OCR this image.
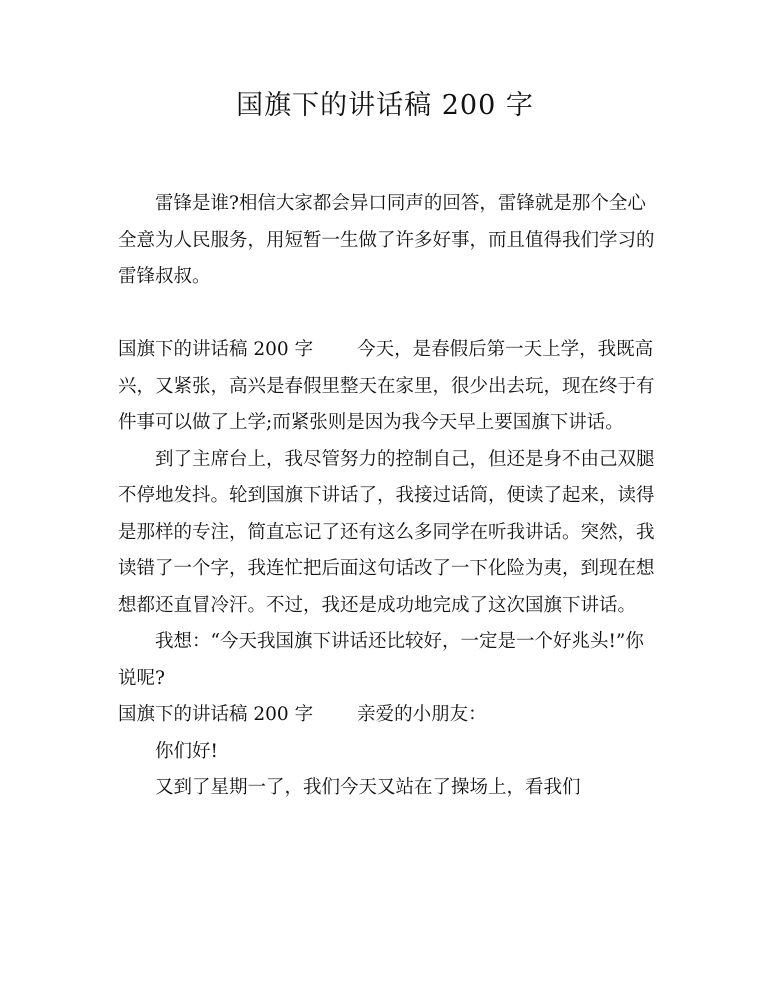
国旗下的讲话稿 200 字

雷锋是谁?相信大家都会异口同声的回答，雷锋就是那个全心全意为人民服务，用短暂一生做了许多好事，而且值得我们学习的雷锋叔叔。

国旗下的讲话稿 200 字 今天，是春假后第一天上学，我既高兴，又紧张，高兴是春假里整天在家里，很少出去玩，现在终于有件事可以做了上学;而紧张则是因为我今天早上要国旗下讲话。

到了主席台上，我尽管努力的控制自己，但还是身不由己双腿不停地发抖。轮到国旗下讲话了，我接过话筒，便读了起来，读得是那样的专注，简直忘记了还有这么多同学在听我讲话。突然，我读错了一个字，我连忙把后面这句话改了一下化险为夷，到现在想想都还直冒冷汗。不过，我还是成功地完成了这次国旗下讲话。

我想：“今天我国旗下讲话还比较好，一定是一个好兆头!”你说呢?

国旗下的讲话稿 200 字 亲爱的小朋友：

你们好!

又到了星期一了，我们今天又站在了操场上，看我们
